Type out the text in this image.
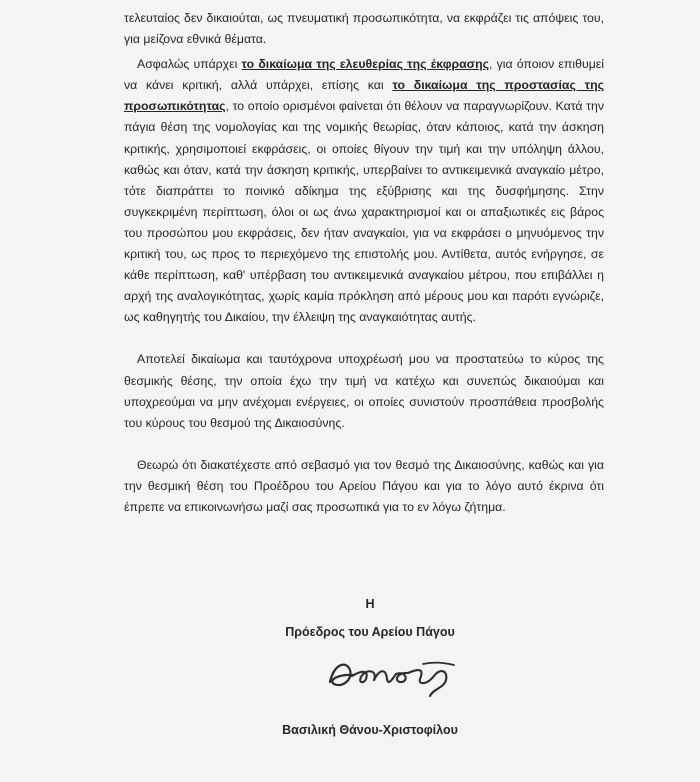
τελευταίος δεν δικαιούται, ως πνευματική προσωπικότητα, να εκφράζει τις απόψεις του, για μείζονα εθνικά θέματα.

Ασφαλώς υπάρχει το δικαίωμα της ελευθερίας της έκφρασης, για όποιον επιθυμεί να κάνει κριτική, αλλά υπάρχει, επίσης και το δικαίωμα της προστασίας της προσωπικότητας, το οποίο ορισμένοι φαίνεται ότι θέλουν να παραγνωρίζουν. Κατά την πάγια θέση της νομολογίας και της νομικής θεωρίας, όταν κάποιος, κατά την άσκηση κριτικής, χρησιμοποιεί εκφράσεις, οι οποίες θίγουν την τιμή και την υπόληψη άλλου, καθώς και όταν, κατά την άσκηση κριτικής, υπερβαίνει το αντικειμενικά αναγκαίο μέτρο, τότε διαπράττει το ποινικό αδίκημα της εξύβρισης και της δυσφήμησης. Στην συγκεκριμένη περίπτωση, όλοι οι ως άνω χαρακτηρισμοί και οι απαξιωτικές εις βάρος του προσώπου μου εκφράσεις, δεν ήταν αναγκαίοι, για να εκφράσει ο μηνυόμενος την κριτική του, ως προς το περιεχόμενο της επιστολής μου. Αντίθετα, αυτός ενήργησε, σε κάθε περίπτωση, καθ' υπέρβαση του αντικειμενικά αναγκαίου μέτρου, που επιβάλλει η αρχή της αναλογικότητας, χωρίς καμία πρόκληση από μέρους μου και παρότι εγνώριζε, ως καθηγητής του Δικαίου, την έλλειψη της αναγκαιότητας αυτής.

Αποτελεί δικαίωμα και ταυτόχρονα υποχρέωσή μου να προστατεύω το κύρος της θεσμικής θέσης, την οποία έχω την τιμή να κατέχω και συνεπώς δικαιούμαι και υποχρεούμαι να μην ανέχομαι ενέργειες, οι οποίες συνιστούν προσπάθεια προσβολής του κύρους του θεσμού της Δικαιοσύνης.

Θεωρώ ότι διακατέχεστε από σεβασμό για τον θεσμό της Δικαιοσύνης, καθώς και για την θεσμική θέση του Προέδρου του Αρείου Πάγου και για το λόγο αυτό έκρινα ότι έπρεπε να επικοινωνήσω μαζί σας προσωπικά για το εν λόγω ζήτημα.

Η
Πρόεδρος του Αρείου Πάγου
Βασιλική Θάνου-Χριστοφίλου
